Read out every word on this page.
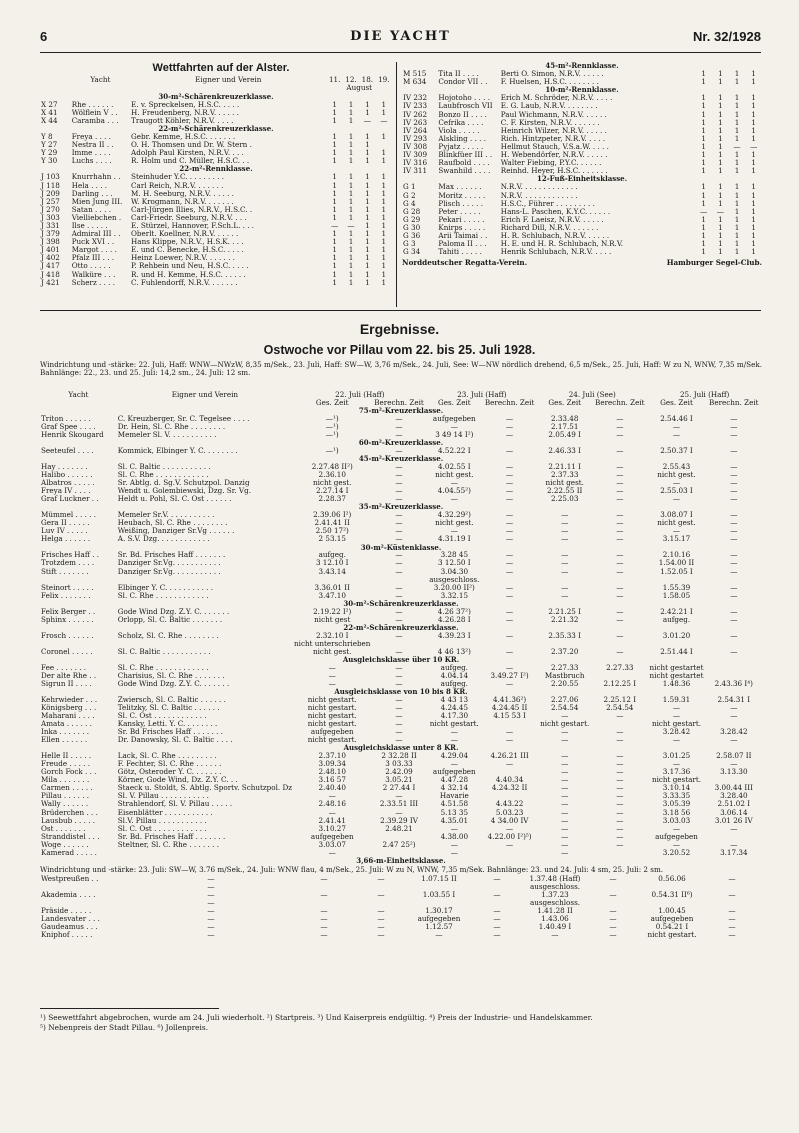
6	DIE YACHT	Nr. 32/1928
Wettfahrten auf der Alster.
	Yacht	Eigner und Verein	11.	12.	18.	19.
			August			
30-m²-Schärenkreuzerklasse.						
X 27	Rhe . . . . . .	E. v. Spreckelsen, H.S.C. . . . .	1	1	1	1
X 41	Wölflein V . .	H. Freudenberg, N.R.V. . . . . .	1	1	1	1
X 44	Caramba . . .	Traugott Köhler, N.R.V. . . . .	1	1	—	—
22-m²-Schärenkreuzerklasse.						
Y 8	Freya . . . .	Gebr. Kemme, H.S.C. . . . . . .	1	1	1	1
Y 27	Nestra II . .	O. H. Thomsen und Dr. W. Stern .	1	1	1	
Y 29	Imme . . . .	Adolph Paul Kirsten, N.R.V. . . .	1	1	1	1
Y 30	Luchs . . . .	R. Holm und C. Müller, H.S.C. . .	1	1	1	1
22-m²-Rennklasse.						
J 103	Knurrhahn . .	Steinhuder Y.C. . . . . . . . .	1	1	1	1
J 118	Hela . . . .	Carl Reich, N.R.V. . . . . . .	1	1	1	1
J 209	Darling . . .	M. H. Seeburg, N.R.V. . . . . .	1	1	1	1
J 257	Mien Jung III.	W. Krogmann, N.R.V. . . . . . .	1	1	1	1
J 270	Satan . . . .	Carl-Jürgen Illies, N.R.V., H.S.C. .	1	1	1	1
J 303	Vielliebchen .	Carl-Friedr. Seeburg, N.R.V. . . .	1	1	1	1
J 331	Ilse . . . . .	E. Stürzel, Hannover, F.Sch.L. . . .	—	—	1	1
J 379	Admiral III . .	Oberlt. Koellner, N.R.V. . . . . .	1	1	1	1
J 398	Puck XVI . .	Hans Klippe, N.R.V., H.S.K. . . .	1	1	1	1
J 401	Margot . . . .	E. und C. Benecke, H.S.C. . . . .	1	1	1	1
J 402	Pfalz III . . .	Heinz Loewer, N.R.V. . . . . . .	1	1	1	1
J 417	Otto . . . . .	P. Rehbein und Neu, H.S.C. . . . .	1	1	1	1
J 418	Walküre . . .	R. und H. Kemme, H.S.C. . . . . .	1	1	1	1
J 421	Scherz . . . .	C. Fuhlendorff, N.R.V. . . . . . .	1	1	1	1
45-m²-Rennklasse.						
M 515	Tita II . . . .	Berti O. Simon, N.R.V. . . . . .	1	1	1	1
M 634	Condor VII . .	F. Huelsen, H.S.C. . . . . . . .	1	1	1	1
10-m²-Rennklasse.						
IV 232	Hojotoho . . . .	Erich M. Schröder, N.R.V. . . . .	1	1	1	1
IV 233	Laubfrosch VII	E. G. Laub, N.R.V. . . . . . . .	1	1	1	1
IV 262	Bonzo II . . . .	Paul Wichmann, N.R.V. . . . . .	1	1	1	1
IV 263	Cefrika . . . .	C. F. Kirsten, N.R.V. . . . . . .	1	1	1	1
IV 264	Viola . . . . .	Heinrich Wilzer, N.R.V. . . . . .	1	1	1	1
IV 293	Alskling . . . .	Rich. Hintzpeter, N.R.V. . . . .	1	1	1	1
IV 308	Pyjatz . . . . .	Hellmut Stauch, V.S.a.W. . . . .	1	1	—	—
IV 309	Blinkfüer III . .	H. Webendörfer, N.R.V. . . . . .	1	1	1	1
IV 316	Raufbold . . . .	Walter Fiebing, P.Y.C. . . . . .	1	1	1	1
IV 311	Swanhild . . . .	Reinhd. Heyer, H.S.C. . . . . . .	1	1	1	1
12-Fuß-Einheitsklasse.						
G 1	Max . . . . . .	N.R.V. . . . . . . . . . . . .	1	1	1	1
G 2	Moritz . . . . .	N.R.V. . . . . . . . . . . . .	1	1	1	1
G 4	Plisch . . . . .	H.S.C., Führer . . . . . . . . .	1	1	1	1
G 28	Peter . . . . .	Hans-L. Paschen, K.Y.C. . . . . .	—	—	1	1
G 29	Pekari . . . . .	Erich F. Laeisz, N.R.V. . . . . .	1	1	1	1
G 30	Knirps . . . . .	Richard Dill, N.R.V. . . . . . .	1	1	1	1
G 36	Arii Taimai . .	H. R. Schlubach, N.R.V. . . . . .	1	1	1	1
G 3	Paloma II . . .	H. E. und H. R. Schlubach, N.R.V.	1	1	1	1
G 34	Tahiti . . . . .	Henrik Schlubach, N.R.V. . . . .	1	1	1	1
Norddeutscher Regatta-Verein.	Hamburger Segel-Club.
Ergebnisse.
Ostwoche vor Pillau vom 22. bis 25. Juli 1928.
Windrichtung und -stärke: 22. Juli, Haff: WNW—NWzW, 8,35 m/Sek., 23. Juli, Haff: SW—W, 3,76 m/Sek., 24. Juli, See: W—NW nördlich drehend, 6,5 m/Sek., 25. Juli, Haff: W zu N, WNW, 7,35 m/Sek. Bahnlänge: 22., 23. und 25. Juli: 14,2 sm., 24. Juli: 12 sm.
Yacht	Eigner und Verein	22. Juli (Haff)		23. Juli (Haff)		24. Juli (See)		25. Juli (Haff)	
		Ges. Zeit	Berechn. Zeit	Ges. Zeit	Berechn. Zeit	Ges. Zeit	Berechn. Zeit	Ges. Zeit	Berechn. Zeit
75-m²-Kreuzerklasse.									
Triton . . . . . .	C. Kreuzberger, Sr. C. Tegelsee . . . .	—¹)	—	aufgegeben	—	2.33.48	—	2.54.46 I	—
Graf Spee . . . .	Dr. Hein, Sl. C. Rhe . . . . . . . .	—¹)	—	—	—	2.17.51	—	—	—
Henrik Skougard	Memeler Sl. V. . . . . . . . . . .	—¹)	—	3 49 14 I²)	—	2.05.49 I	—	—	—
60-m²-Kreuzerklasse.									
Seeteufel . . . .	Kommick, Elbinger Y. C. . . . . . . .	—¹)	—	4.52.22 I	—	2.46.33 I	—	2.50.37 I	—
45-m²-Kreuzerklasse.									
Hay . . . . . . .	Sl. C. Baltic . . . . . . . . . . .	2.27.48 II²)	—	4.02.55 I	—	2.21.11 I	—	2.55.43	—
Halibo . . . . . .	Sl. C. Rhe . . . . . . . . . . . .	2.36.10	—	nicht gest.	—	2.37.33	—	nicht gest.	—
Albatros . . . . .	Sr. Abtlg. d. Sg.V. Schutzpol. Danzig	nicht gest.	—	—	—	nicht gest.	—	—	—
Freya IV . . . .	Wendt u. Golembiewski, Dzg. Sr. Vg.	2.27.14 I	—	4.04.55²)	—	2.22.55 II	—	2.55.03 I	—
Graf Luckner . .	Heldt u. Pohl, Sl. C. Ost . . . . . .	2.28.37	—	—	—	2.25.03	—	—	—
35-m²-Kreuzerklasse.									
Mümmel . . . . .	Memeler Sr.V. . . . . . . . . . .	2.39.06 I²)	—	4.32.29²)	—	—	—	3.08.07 I	—
Gera II . . . . .	Heubach, Sl. C. Rhe . . . . . . . .	2.41.41 II	—	nicht gest.	—	—	—	nicht gest.	—
Luv IV . . . . .	Weißing, Danziger Sr.Vg . . . . . .	2.50 17²)	—	—	—	—	—	—	—
Helga . . . . . .	A. S.V. Dzg. . . . . . . . . . . .	2 53.15	—	4.31.19 I	—	—	—	3.15.17	—
30-m²-Küstenklasse.									
Frisches Haff . .	Sr. Bd. Frisches Haff . . . . . . .	aufgeg.	—	3.28 45	—	—	—	2.10.16	—
Trotzdem . . . .	Danziger Sr.Vg. . . . . . . . . . .	3 12.10 I	—	3 12.50 I	—	—	—	1.54.00 II	—
Stift . . . . . . .	Danziger Sr.Vg. . . . . . . . . . .	3.43.14	—	3.04.30	—	—	—	1.52.05 I	—
				ausgeschloss.					
Steinort . . . . .	Elbinger Y. C. . . . . . . . . . .	3.36.01 II	—	3.20.00 II²)	—	—	—	1.55.39	—
Felix . . . . . . .	Sl. C. Rhe . . . . . . . . . . . .	3.47.10	—	3.32.15	—	—	—	1.58.05	—
30-m²-Schärenkreuzerklasse.									
Felix Berger . .	Gode Wind Dzg. Z.Y. C. . . . . . .	2.19.22 I²)	—	4.26 37²)	—	2.21.25 I	—	2.42.21 I	—
Sphinx . . . . . .	Orlopp, Sl. C. Baltic . . . . . . .	nicht gest	—	4.26.28 I	—	2.21.32	—	aufgeg.	—
22-m²-Schärenkreuzerklasse.									
Frosch . . . . . .	Scholz, Sl. C. Rhe . . . . . . . .	2.32.10 I	—	4.39.23 I	—	2.35.33 I	—	3.01.20	—
		nicht unterschrieben							
Coronel . . . . .	Sl. C. Baltic . . . . . . . . . . .	nicht gest.	—	4 46 13²)	—	2.37.20	—	2.51.44 I	—
Ausgleichsklasse über 10 KR.									
Fee . . . . . . .	Sl. C. Rhe . . . . . . . . . . . .	—	—	aufgeg.	—	2.27.33	2.27.33	nicht gestartet	
Der alte Rhe . .	Charisius, Sl. C. Rhe . . . . . . .	—	—	4.04.14	3.49.27 I²)	Mastbruch		nicht gestartet	
Sigrun II . . . .	Gode Wind Dzg. Z.Y. C. . . . . . .	—	—	aufgeg.	—	2.20.55	2.12.25 I	1.48.36	2.43.36 I⁴)
Ausgleichsklasse von 10 bis 8 KR.									
Kehrwieder . . .	Zwiersch, Sl. C. Baltic . . . . . .	nicht gestart.	—	4 43 13	4.41.36²)	2.27.06	2.25.12 I	1.59.31	2.54.31 I
Königsberg . . .	Telitzky, Sl. C. Baltic . . . . . .	nicht gestart.	—	4.24.45	4.24.45 II	2.54.54	2.54.54	—	—
Maharani . . . .	Sl. C. Ost . . . . . . . . . . . .	nicht gestart.	—	4.17.30	4.15 53 I	—	—	—	—
Amata . . . . . .	Kansky, Letti. Y. C. . . . . . . .	nicht gestart.	—	nicht gestart.		nicht gestart.		nicht gestart.	
Inka . . . . . . .	Sr. Bd Frisches Haff . . . . . . .	aufgegeben	—	—	—	—	—	3.28.42	3.28.42
Ellen . . . . . .	Dr. Danowsky, Sl. C. Baltic . . . .	nicht gestart.	—	—	—	—	—	—	—
Ausgleichsklasse unter 8 KR.									
Helle II . . . . .	Lack, Sl. C. Rhe . . . . . . . . .	2.37.10	2 32.28 II	4.29.04	4.26.21 III	—	—	3.01.25	2.58.07 II
Freude . . . . .	F. Fechter, Sl. C. Rhe . . . . . .	3.09.34	3 03.33	—	—	—	—	—	—
Gorch Fock . . .	Götz, Osteroder Y. C. . . . . . .	2.48.10	2.42.09	aufgegeben		—	—	3.17.36	3.13.30
Mila . . . . . . .	Körner, Gode Wind, Dz. Z.Y. C. . .	3.16 57	3.05.21	4.47.28	4.40.34	—	—	nicht gestart.	
Carmen . . . . .	Staeck u. Stoldt, S. Abtlg. Sportv. Schutzpol. Dz	2.40.40	2 27.44 I	4 32.14	4.24.32 II	—	—	3.10.14	3.00.44 III
Pillau . . . . . .	Sl. V. Pillau . . . . . . . . . . .	—	—	Havarie		—	—	3.33.35	3.28.40
Wally . . . . . .	Strahlendorf, Sl. V. Pillau . . . . .	2.48.16	2.33.51 III	4.51.58	4.43.22	—	—	3.05.39	2.51.02 I
Brüderchen . . .	Eisenblätter . . . . . . . . . . .	—	—	5.13 35	5.03.23	—	—	3.18 56	3.06.14
Lausbub . . . . .	Sl.V. Pillau . . . . . . . . . . .	2.41.41	2.39.29 IV	4.35.01	4 34.00 IV	—	—	3.03.03	3.01 26 IV
Ost . . . . . . .	Sl. C. Ost . . . . . . . . . . . .	3.10.27	2.48.21	—	—	—	—	—	—
Stranddistel . . .	Sr. Bd. Frisches Haff . . . . . . .	aufgegeben		4.38.00	4.22.00 I²)⁵)	—	—	aufgegeben	
Woge . . . . . .	Steltner, Sl. C. Rhe . . . . . . .	3.03.07	2.47 25²)	—	—	—	—	—	—
Kamerad . . . . .		—		—		—		3.20.52	3.17.34
3,66-m-Einheitsklasse.									
Windrichtung und -stärke: 23. Juli: SW—W, 3.76 m/Sek., 24. Juli: WNW flau, 4 m/Sek., 25. Juli: W zu N, WNW, 7,35 m/Sek. Bahnlänge: 23. und 24. Juli: 4 sm, 25. Juli: 2 sm.
Westpreußen . .	—	—	—	1.07.15 II	—	1.37.48 (Haff)	—	0.56.06	—
	—					ausgeschloss.			
Akademia . . . .	—	—	—	1.03.55 I	—	1.37.23	—	0.54.31 II⁶)	—
	—					ausgeschloss.			
Präside . . . . .	—	—	—	1.30.17	—	1.41.28 II	—	1.00.45	—
Landesvater . . .	—	—	—	aufgegeben	—	1.43.06	—	aufgegeben	—
Gaudeamus . . .	—	—	—	1.12.57	—	1.40.49 I	—	0.54.21 I	—
Kniphof . . . . .	—	—	—	—	—	—	—	nicht gestart.	—
¹) Seewettfahrt abgebrochen, wurde am 24. Juli wiederholt. ²) Startpreis. ³) Und Kaiserpreis endgültig. ⁴) Preis der Industrie- und Handelskammer.
⁵) Nebenpreis der Stadt Pillau. ⁶) Jollenpreis.
